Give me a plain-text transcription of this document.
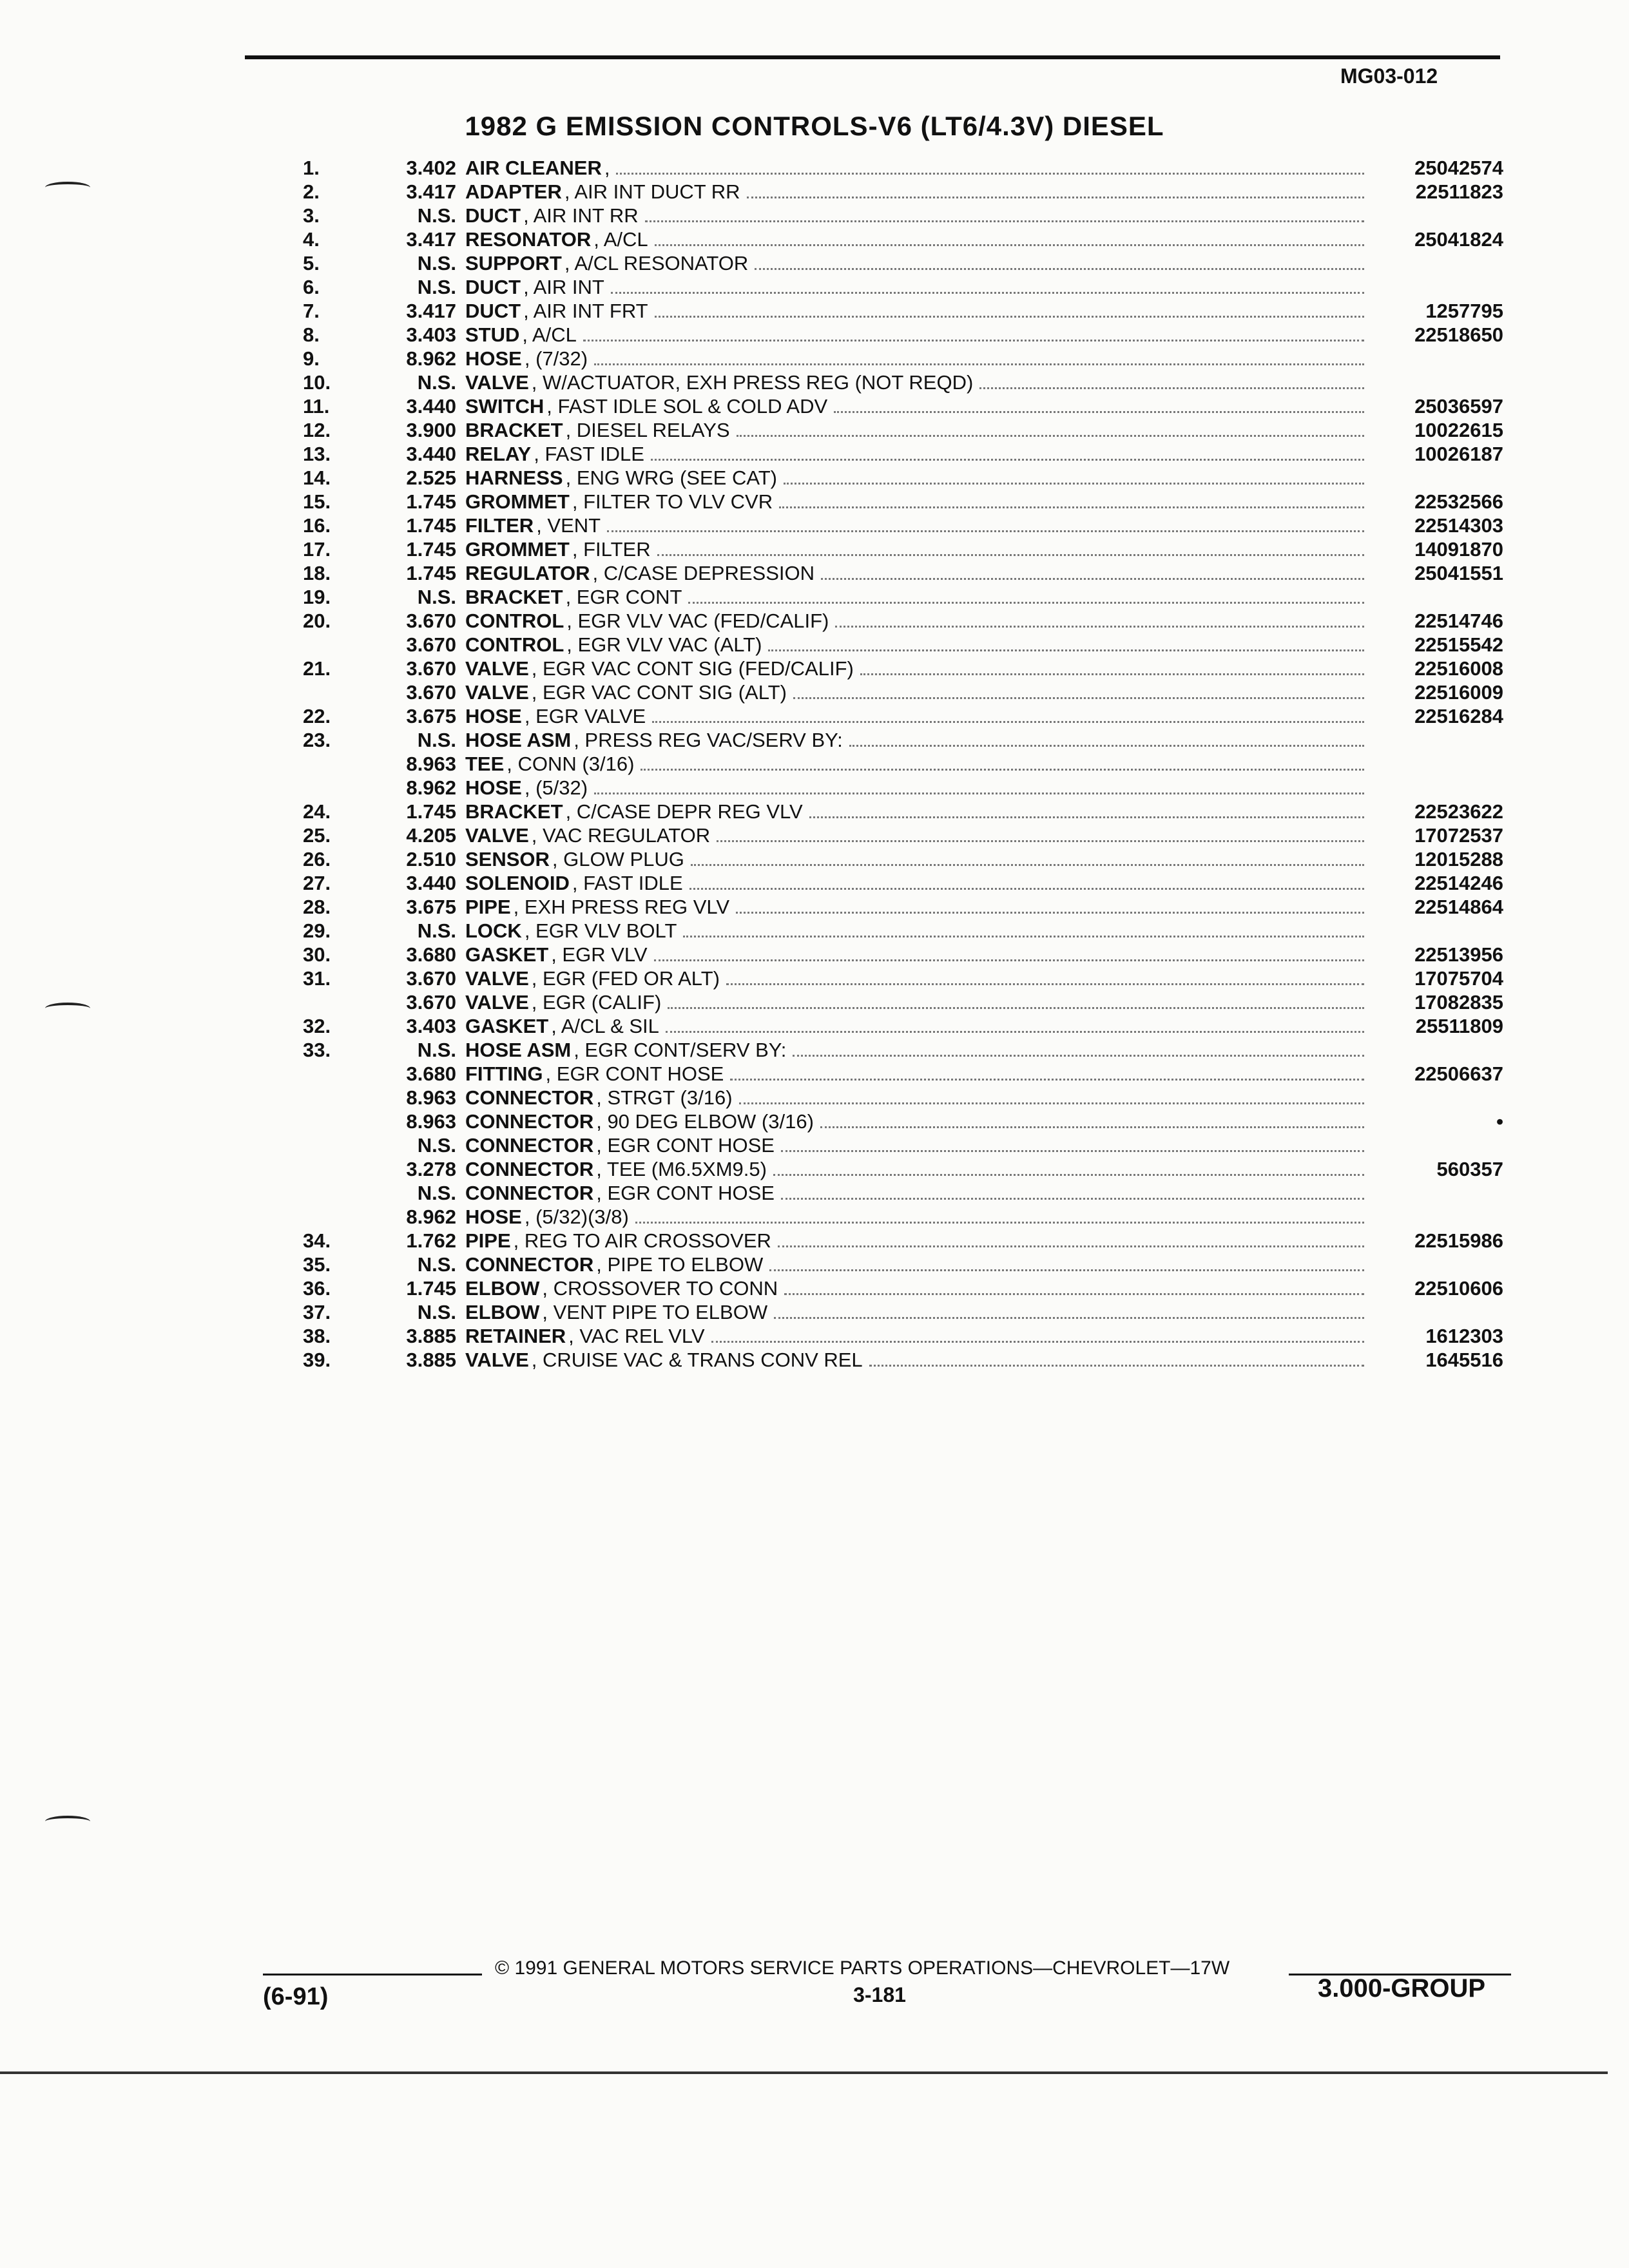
MG03-012
1982 G EMISSION CONTROLS-V6 (LT6/4.3V) DIESEL
1.	3.402 AIR CLEANER ,	25042574
2.	3.417 ADAPTER , AIR INT DUCT RR	22511823
3.	N.S. DUCT , AIR INT RR
4.	3.417 RESONATOR , A/CL	25041824
5.	N.S. SUPPORT , A/CL RESONATOR
6.	N.S. DUCT , AIR INT
7.	3.417 DUCT , AIR INT FRT	1257795
8.	3.403 STUD , A/CL	22518650
9.	8.962 HOSE , (7/32)
10.	N.S. VALVE , W/ACTUATOR, EXH PRESS REG (NOT REQD)
11.	3.440 SWITCH , FAST IDLE SOL & COLD ADV	25036597
12.	3.900 BRACKET , DIESEL RELAYS	10022615
13.	3.440 RELAY , FAST IDLE	10026187
14.	2.525 HARNESS , ENG WRG (SEE CAT)
15.	1.745 GROMMET , FILTER TO VLV CVR	22532566
16.	1.745 FILTER , VENT	22514303
17.	1.745 GROMMET , FILTER	14091870
18.	1.745 REGULATOR , C/CASE DEPRESSION	25041551
19.	N.S. BRACKET , EGR CONT
20.	3.670 CONTROL , EGR VLV VAC (FED/CALIF)	22514746
3.670 CONTROL , EGR VLV VAC (ALT)	22515542
21.	3.670 VALVE , EGR VAC CONT SIG (FED/CALIF)	22516008
3.670 VALVE , EGR VAC CONT SIG (ALT)	22516009
22.	3.675 HOSE , EGR VALVE	22516284
23.	N.S. HOSE ASM , PRESS REG VAC/SERV BY:
8.963 TEE , CONN (3/16)
8.962 HOSE , (5/32)
24.	1.745 BRACKET , C/CASE DEPR REG VLV	22523622
25.	4.205 VALVE , VAC REGULATOR	17072537
26.	2.510 SENSOR , GLOW PLUG	12015288
27.	3.440 SOLENOID , FAST IDLE	22514246
28.	3.675 PIPE , EXH PRESS REG VLV	22514864
29.	N.S. LOCK , EGR VLV BOLT
30.	3.680 GASKET , EGR VLV	22513956
31.	3.670 VALVE , EGR (FED OR ALT)	17075704
3.670 VALVE , EGR (CALIF)	17082835
32.	3.403 GASKET , A/CL & SIL	25511809
33.	N.S. HOSE ASM , EGR CONT/SERV BY:
3.680 FITTING , EGR CONT HOSE	22506637
8.963 CONNECTOR , STRGT (3/16)
8.963 CONNECTOR , 90 DEG ELBOW (3/16)	•
N.S. CONNECTOR , EGR CONT HOSE
3.278 CONNECTOR , TEE (M6.5XM9.5)	560357
N.S. CONNECTOR , EGR CONT HOSE
8.962 HOSE , (5/32)(3/8)
34.	1.762 PIPE , REG TO AIR CROSSOVER	22515986
35.	N.S. CONNECTOR , PIPE TO ELBOW
36.	1.745 ELBOW , CROSSOVER TO CONN	22510606
37.	N.S. ELBOW , VENT PIPE TO ELBOW
38.	3.885 RETAINER , VAC REL VLV	1612303
39.	3.885 VALVE , CRUISE VAC & TRANS CONV REL	1645516
© 1991 GENERAL MOTORS SERVICE PARTS OPERATIONS—CHEVROLET—17W
(6-91)	3-181	3.000-GROUP
